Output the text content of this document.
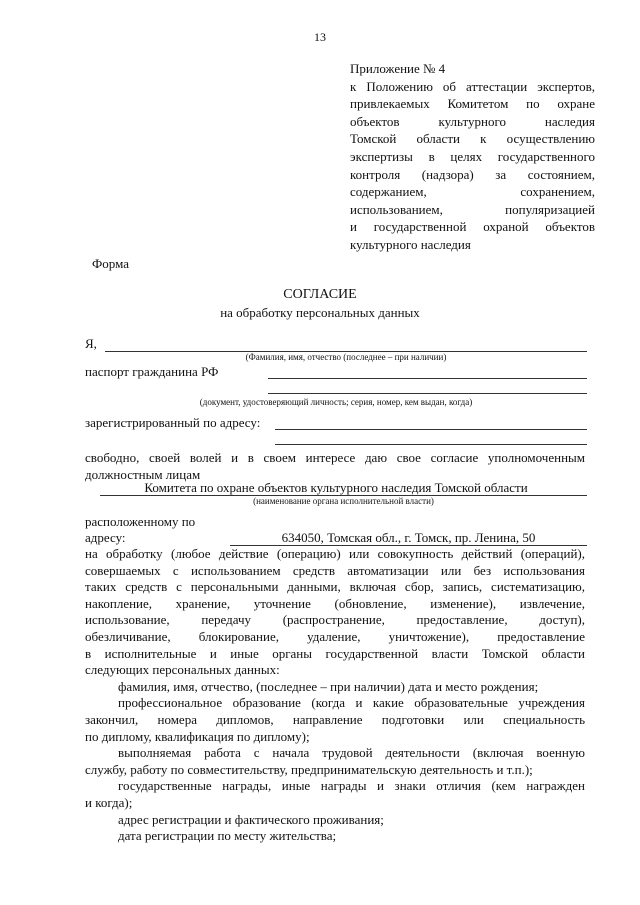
13
Приложение № 4
к Положению об аттестации экспертов,
привлекаемых Комитетом по охране
объектов культурного наследия
Томской области к осуществлению
экспертизы в целях государственного
контроля (надзора) за состоянием,
содержанием, сохранением,
использованием, популяризацией
и государственной охраной объектов
культурного наследия
Форма
СОГЛАСИЕ
на обработку персональных данных
Я,
(Фамилия, имя, отчество (последнее – при наличии)
паспорт гражданина РФ
(документ, удостоверяющий личность; серия, номер, кем выдан, когда)
зарегистрированный по адресу:
свободно, своей волей и в своем интересе даю свое согласие уполномоченным
должностным лицам
Комитета по охране объектов культурного наследия Томской области
(наименование органа исполнительной власти)
расположенному по
адресу:	634050, Томская обл., г. Томск, пр. Ленина, 50
на обработку (любое действие (операцию) или совокупность действий (операций),
совершаемых с использованием средств автоматизации или без использования
таких средств с персональными данными, включая сбор, запись, систематизацию,
накопление, хранение, уточнение (обновление, изменение), извлечение,
использование, передачу (распространение, предоставление, доступ),
обезличивание, блокирование, удаление, уничтожение), предоставление
в исполнительные и иные органы государственной власти Томской области
следующих персональных данных:
фамилия, имя, отчество, (последнее – при наличии) дата и место рождения;
профессиональное образование (когда и какие образовательные учреждения
закончил, номера дипломов, направление подготовки или специальность
по диплому, квалификация по диплому);
выполняемая работа с начала трудовой деятельности (включая военную
службу, работу по совместительству, предпринимательскую деятельность и т.п.);
государственные награды, иные награды и знаки отличия (кем награжден
и когда);
адрес регистрации и фактического проживания;
дата регистрации по месту жительства;
